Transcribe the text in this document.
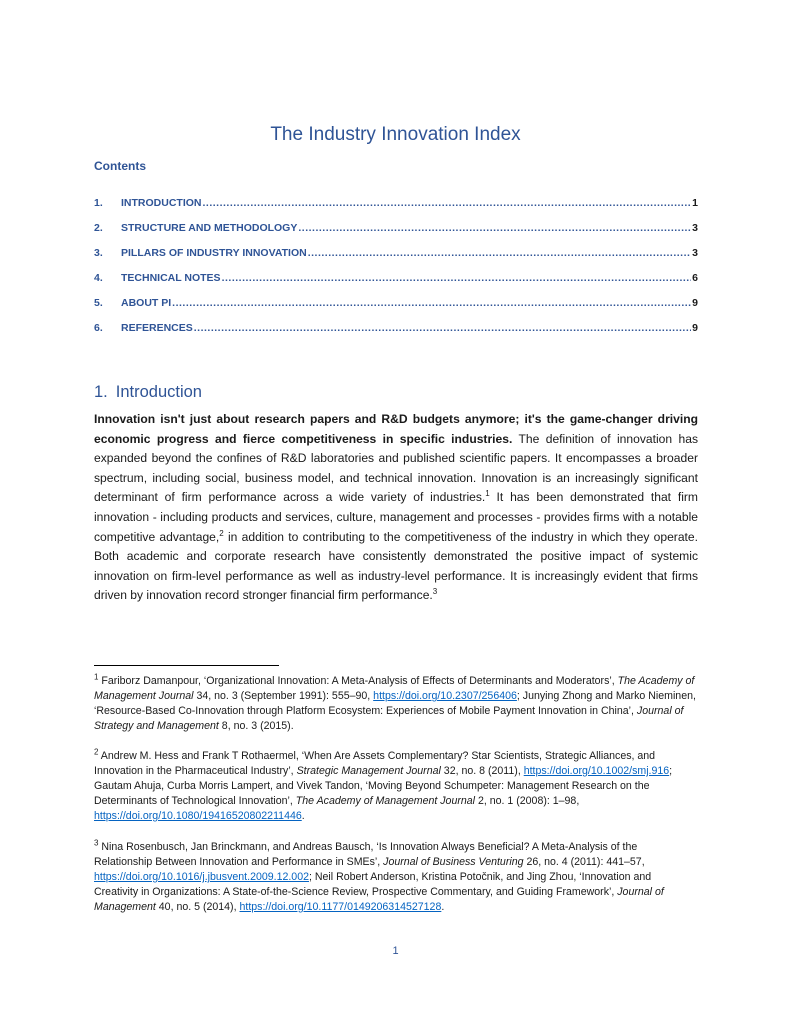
The Industry Innovation Index
Contents
1.	INTRODUCTION .....	1
2.	STRUCTURE AND METHODOLOGY .....	3
3.	PILLARS OF INDUSTRY INNOVATION .....	3
4.	TECHNICAL NOTES .....	6
5.	ABOUT PI .....	9
6.	REFERENCES .....	9
1. Introduction
Innovation isn't just about research papers and R&D budgets anymore; it's the game-changer driving economic progress and fierce competitiveness in specific industries. The definition of innovation has expanded beyond the confines of R&D laboratories and published scientific papers. It encompasses a broader spectrum, including social, business model, and technical innovation. Innovation is an increasingly significant determinant of firm performance across a wide variety of industries.$^1$ It has been demonstrated that firm innovation - including products and services, culture, management and processes - provides firms with a notable competitive advantage,$^2$ in addition to contributing to the competitiveness of the industry in which they operate. Both academic and corporate research have consistently demonstrated the positive impact of systemic innovation on firm-level performance as well as industry-level performance. It is increasingly evident that firms driven by innovation record stronger financial firm performance.$^3$
$^1$ Fariborz Damanpour, ‘Organizational Innovation: A Meta-Analysis of Effects of Determinants and Moderators’, The Academy of Management Journal 34, no. 3 (September 1991): 555–90, https://doi.org/10.2307/256406; Junying Zhong and Marko Nieminen, ‘Resource-Based Co-Innovation through Platform Ecosystem: Experiences of Mobile Payment Innovation in China’, Journal of Strategy and Management 8, no. 3 (2015).
$^2$ Andrew M. Hess and Frank T Rothaermel, ‘When Are Assets Complementary? Star Scientists, Strategic Alliances, and Innovation in the Pharmaceutical Industry’, Strategic Management Journal 32, no. 8 (2011), https://doi.org/10.1002/smj.916; Gautam Ahuja, Curba Morris Lampert, and Vivek Tandon, ‘Moving Beyond Schumpeter: Management Research on the Determinants of Technological Innovation’, The Academy of Management Journal 2, no. 1 (2008): 1–98, https://doi.org/10.1080/19416520802211446.
$^3$ Nina Rosenbusch, Jan Brinckmann, and Andreas Bausch, ‘Is Innovation Always Beneficial? A Meta-Analysis of the Relationship Between Innovation and Performance in SMEs’, Journal of Business Venturing 26, no. 4 (2011): 441–57, https://doi.org/10.1016/j.jbusvent.2009.12.002; Neil Robert Anderson, Kristina Potočnik, and Jing Zhou, ‘Innovation and Creativity in Organizations: A State-of-the-Science Review, Prospective Commentary, and Guiding Framework’, Journal of Management 40, no. 5 (2014), https://doi.org/10.1177/0149206314527128.
1
